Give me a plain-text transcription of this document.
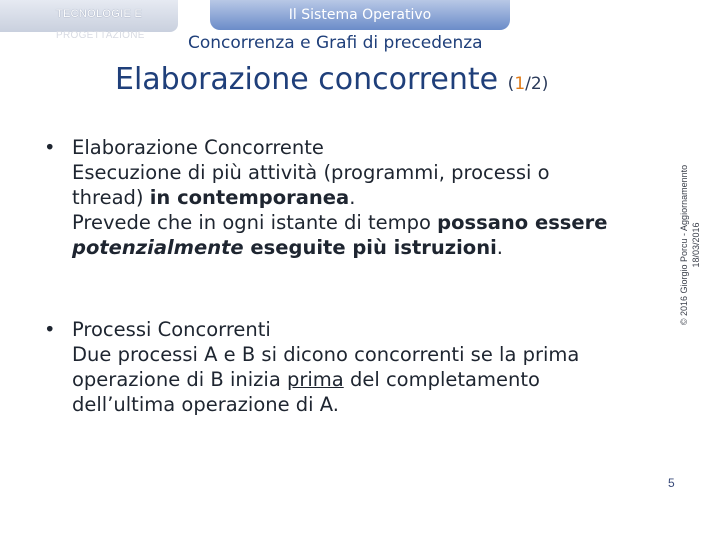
TECNOLOGIE E
PROGETTAZIONE
Il Sistema Operativo
Concorrenza e Grafi di precedenza
Elaborazione concorrente (1/2)
• Elaborazione Concorrente
Esecuzione di più attività (programmi, processi o
thread) in contemporanea.
Prevede che in ogni istante di tempo possano essere
potenzialmente eseguite più istruzioni.
• Processi Concorrenti
Due processi A e B si dicono concorrenti se la prima
operazione di B inizia prima del completamento
dell’ultima operazione di A.
© 2016 Giorgio Porcu - Aggiornamennto 18/03/2016
5
